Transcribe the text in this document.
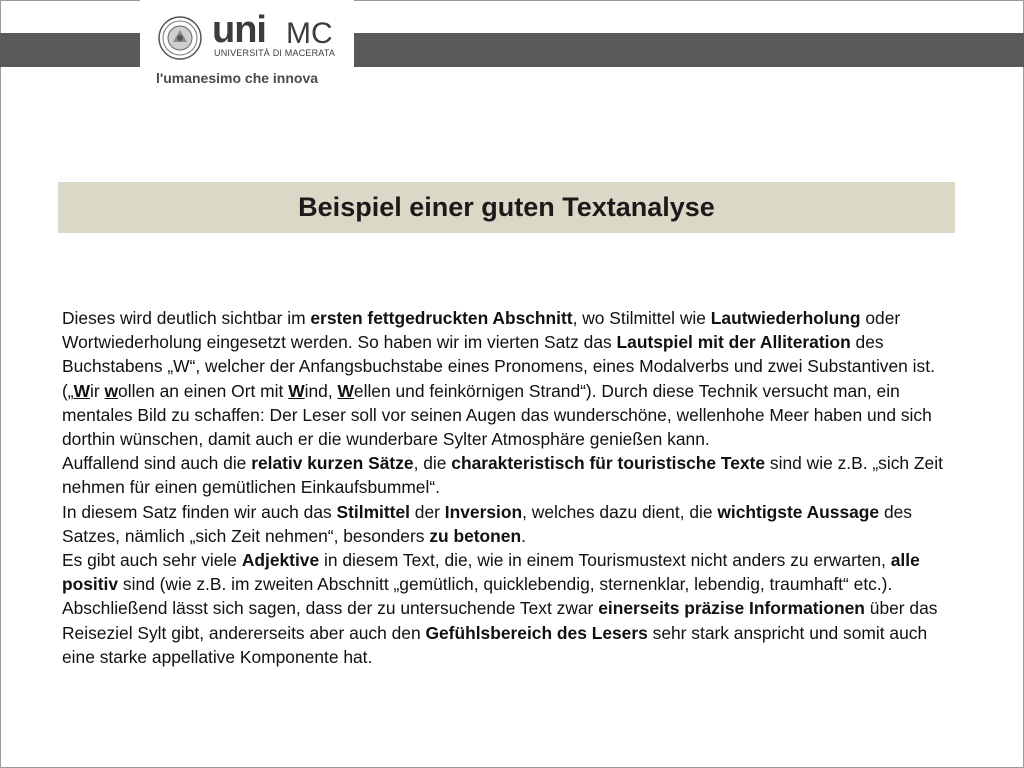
uni MC
UNIVERSITÀ DI MACERATA
l'umanesimo che innova
Beispiel einer guten Textanalyse

Dieses wird deutlich sichtbar im ersten fettgedruckten Abschnitt, wo Stilmittel wie Lautwiederholung oder Wortwiederholung eingesetzt werden. So haben wir im vierten Satz das Lautspiel mit der Alliteration des Buchstabens „W“, welcher der Anfangsbuchstabe eines Pronomens, eines Modalverbs und zwei Substantiven ist. („Wir wollen an einen Ort mit Wind, Wellen und feinkörnigen Strand“). Durch diese Technik versucht man, ein mentales Bild zu schaffen: Der Leser soll vor seinen Augen das wunderschöne, wellenhohe Meer haben und sich dorthin wünschen, damit auch er die wunderbare Sylter Atmosphäre genießen kann.

Auffallend sind auch die relativ kurzen Sätze, die charakteristisch für touristische Texte sind wie z.B. „sich Zeit nehmen für einen gemütlichen Einkaufsbummel“.

In diesem Satz finden wir auch das Stilmittel der Inversion, welches dazu dient, die wichtigste Aussage des Satzes, nämlich „sich Zeit nehmen“, besonders zu betonen.

Es gibt auch sehr viele Adjektive in diesem Text, die, wie in einem Tourismustext nicht anders zu erwarten, alle positiv sind (wie z.B. im zweiten Abschnitt „gemütlich, quicklebendig, sternenklar, lebendig, traumhaft“ etc.).

Abschließend lässt sich sagen, dass der zu untersuchende Text zwar einerseits präzise Informationen über das Reiseziel Sylt gibt, andererseits aber auch den Gefühlsbereich des Lesers sehr stark anspricht und somit auch eine starke appellative Komponente hat.
